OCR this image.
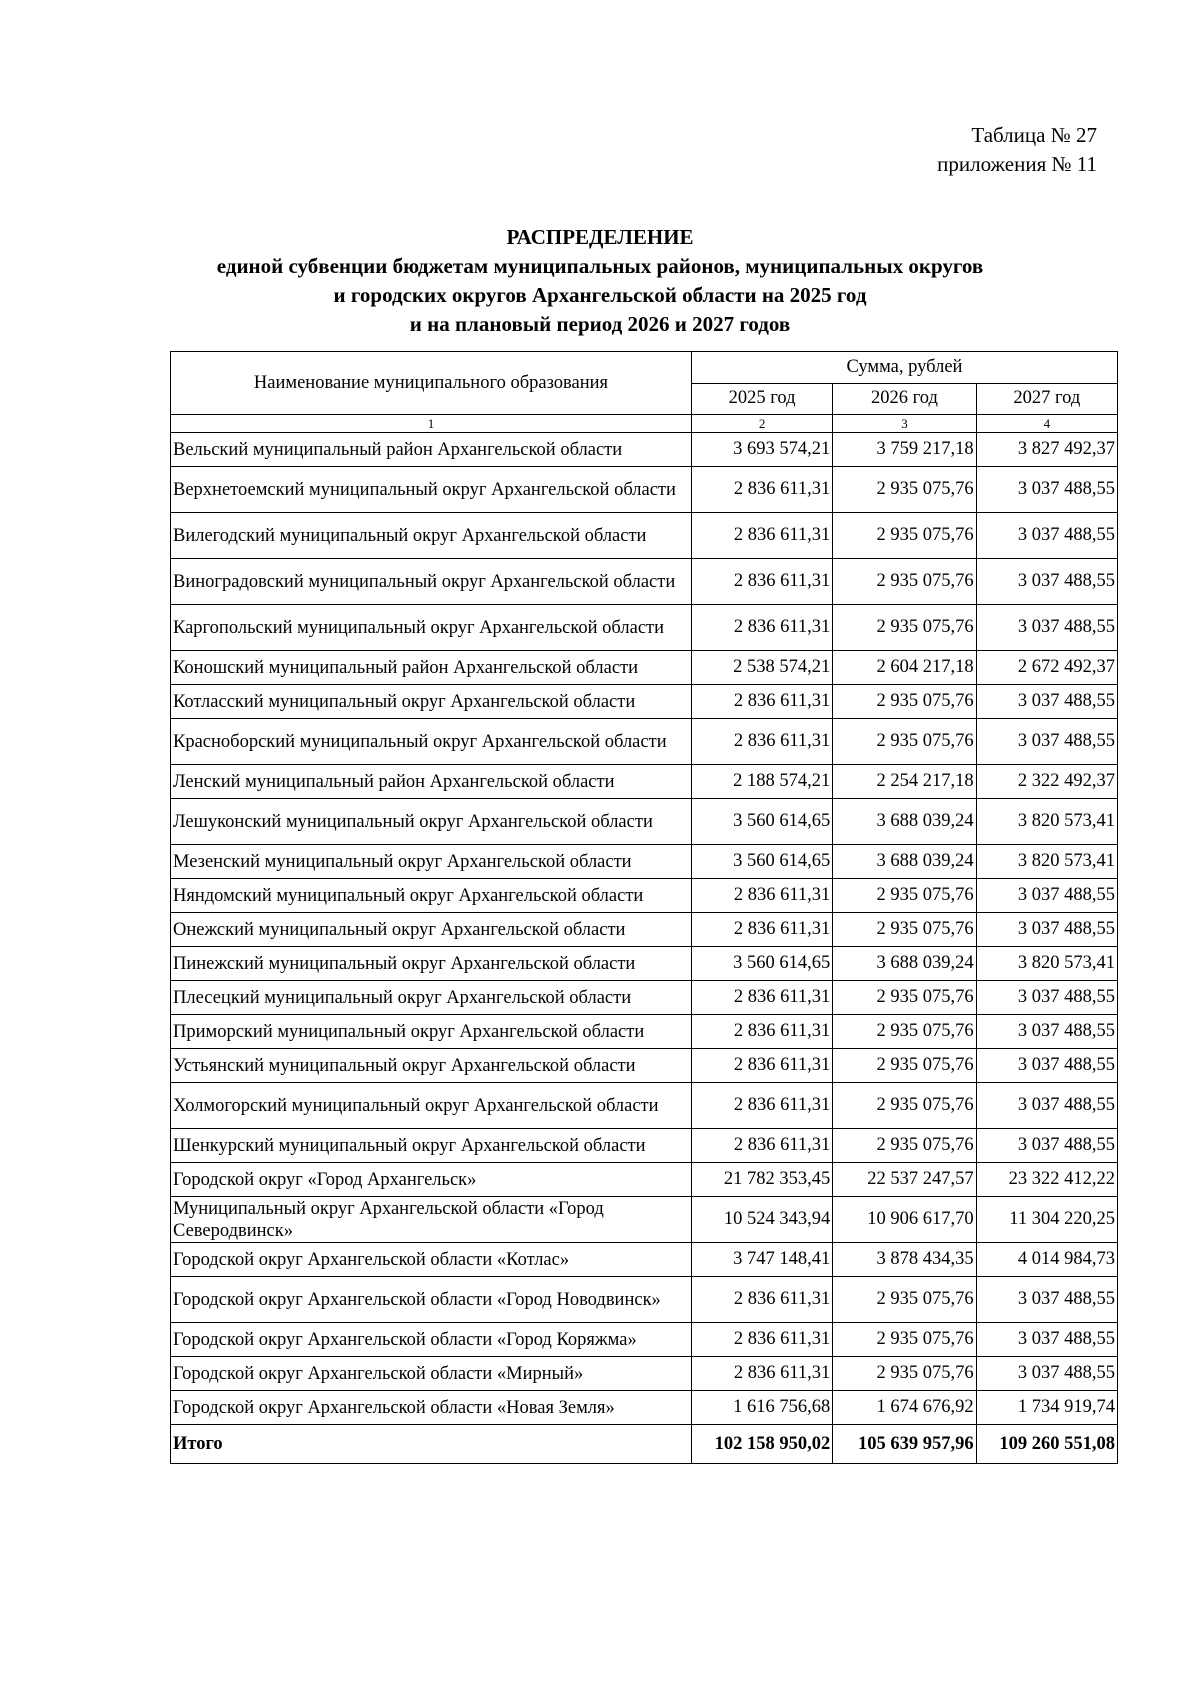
Таблица № 27
приложения № 11
РАСПРЕДЕЛЕНИЕ
единой субвенции бюджетам муниципальных районов, муниципальных округов
и городских округов Архангельской области на 2025 год
и на плановый период 2026 и 2027 годов
Наименование муниципального образования	Сумма, рублей		
	2025 год	2026 год	2027 год
1	2	3	4
Вельский муниципальный район Архангельской области	3 693 574,21	3 759 217,18	3 827 492,37
Верхнетоемский муниципальный округ Архангельской области	2 836 611,31	2 935 075,76	3 037 488,55
Вилегодский муниципальный округ Архангельской области	2 836 611,31	2 935 075,76	3 037 488,55
Виноградовский муниципальный округ Архангельской области	2 836 611,31	2 935 075,76	3 037 488,55
Каргопольский муниципальный округ Архангельской области	2 836 611,31	2 935 075,76	3 037 488,55
Коношский муниципальный район Архангельской области	2 538 574,21	2 604 217,18	2 672 492,37
Котласский муниципальный округ Архангельской области	2 836 611,31	2 935 075,76	3 037 488,55
Красноборский муниципальный округ Архангельской области	2 836 611,31	2 935 075,76	3 037 488,55
Ленский муниципальный район Архангельской области	2 188 574,21	2 254 217,18	2 322 492,37
Лешуконский муниципальный округ Архангельской области	3 560 614,65	3 688 039,24	3 820 573,41
Мезенский муниципальный округ Архангельской области	3 560 614,65	3 688 039,24	3 820 573,41
Няндомский муниципальный округ Архангельской области	2 836 611,31	2 935 075,76	3 037 488,55
Онежский муниципальный округ Архангельской области	2 836 611,31	2 935 075,76	3 037 488,55
Пинежский муниципальный округ Архангельской области	3 560 614,65	3 688 039,24	3 820 573,41
Плесецкий муниципальный округ Архангельской области	2 836 611,31	2 935 075,76	3 037 488,55
Приморский муниципальный округ Архангельской области	2 836 611,31	2 935 075,76	3 037 488,55
Устьянский муниципальный округ Архангельской области	2 836 611,31	2 935 075,76	3 037 488,55
Холмогорский муниципальный округ Архангельской области	2 836 611,31	2 935 075,76	3 037 488,55
Шенкурский муниципальный округ Архангельской области	2 836 611,31	2 935 075,76	3 037 488,55
Городской округ «Город Архангельск»	21 782 353,45	22 537 247,57	23 322 412,22
Муниципальный округ Архангельской области «Город Северодвинск»	10 524 343,94	10 906 617,70	11 304 220,25
Городской округ Архангельской области «Котлас»	3 747 148,41	3 878 434,35	4 014 984,73
Городской округ Архангельской области «Город Новодвинск»	2 836 611,31	2 935 075,76	3 037 488,55
Городской округ Архангельской области «Город Коряжма»	2 836 611,31	2 935 075,76	3 037 488,55
Городской округ Архангельской области «Мирный»	2 836 611,31	2 935 075,76	3 037 488,55
Городской округ Архангельской области «Новая Земля»	1 616 756,68	1 674 676,92	1 734 919,74
Итого	102 158 950,02	105 639 957,96	109 260 551,08
